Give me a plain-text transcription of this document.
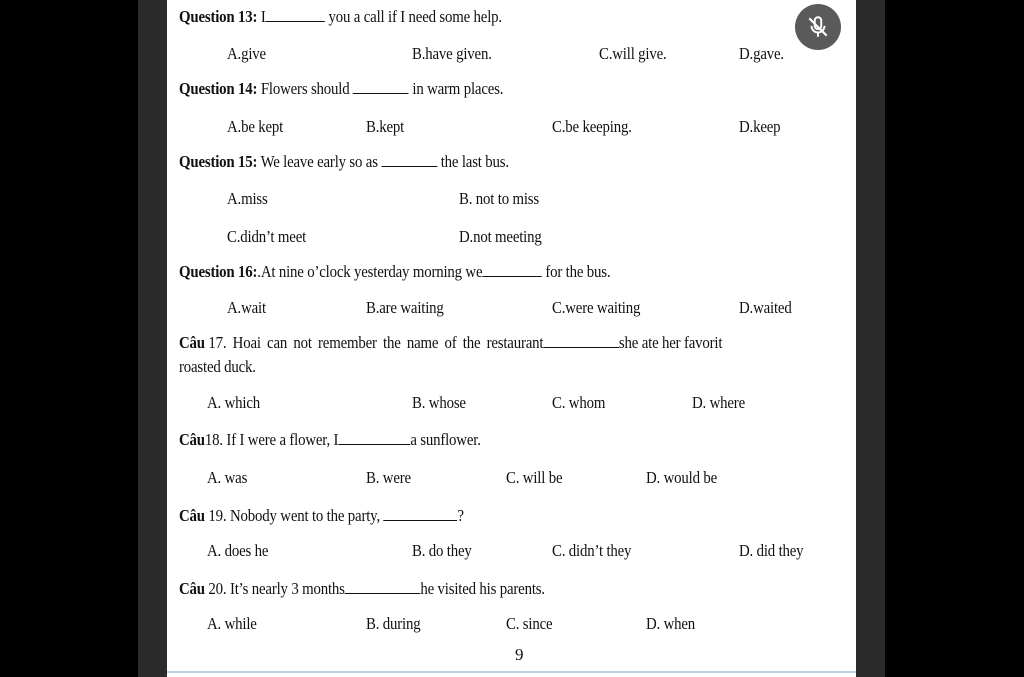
Question 13: I	you a call if I need some help.
A.give	B.have given.	C.will give.	D.gave.
Question 14: Flowers should	in warm places.
A.be kept	B.kept	C.be keeping.	D.keep
Question 15: We leave early so as	the last bus.
A.miss	B. not to miss
C.didn’t meet	D.not meeting
Question 16:.At nine o’clock yesterday morning we	for the bus.
A.wait	B.are waiting	C.were waiting	D.waited
Câu 17. Hoai can not remember the name of the restaurant	she ate her favorit
roasted duck.
A. which	B. whose	C. whom	D. where
Câu18. If I were a flower, I	a sunflower.
A. was	B. were	C. will be	D. would be
Câu 19. Nobody went to the party,	?
A. does he	B. do they	C. didn’t they	D. did they
Câu 20. It’s nearly 3 months	he visited his parents.
A. while	B. during	C. since	D. when
9
